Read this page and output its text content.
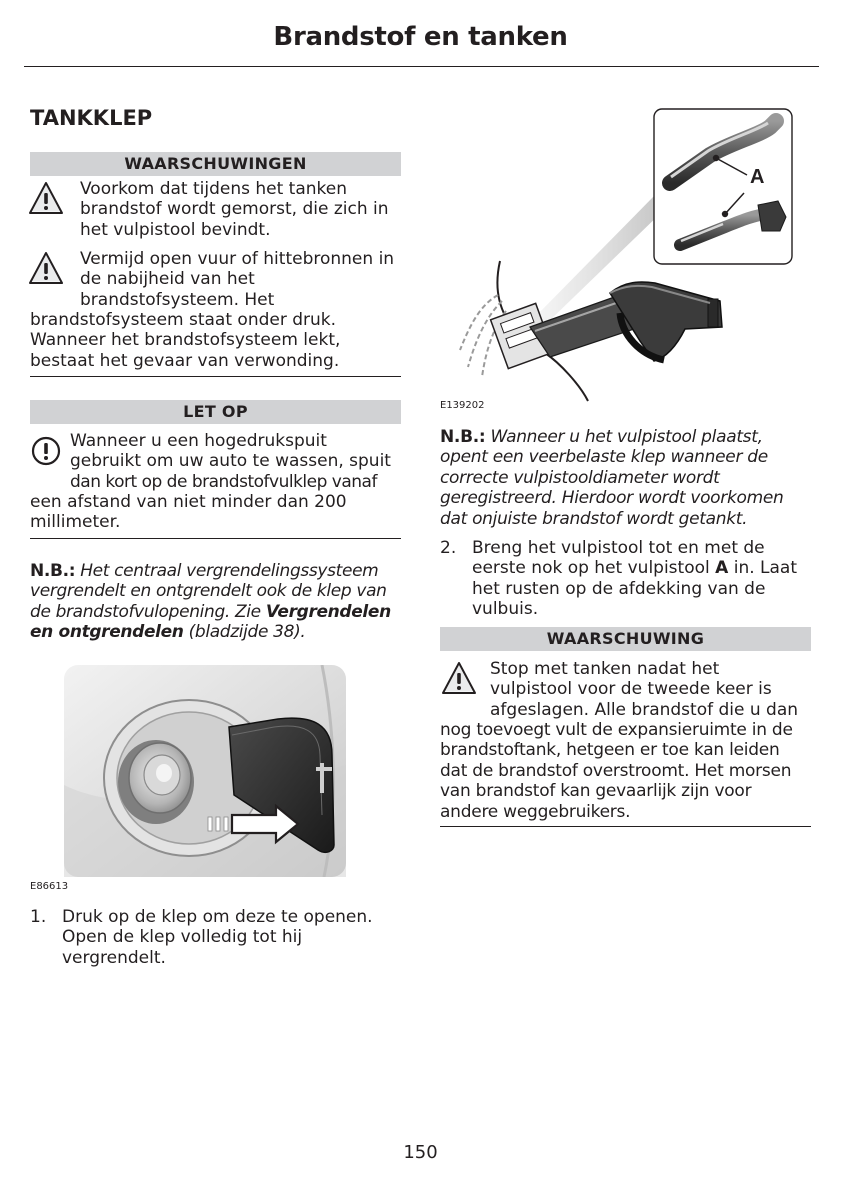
Brandstof en tanken
TANKKLEP
WAARSCHUWINGEN
Voorkom dat tijdens het tanken
brandstof wordt gemorst, die zich in
het vulpistool bevindt.
Vermijd open vuur of hittebronnen in
de nabijheid van het
brandstofsysteem. Het
brandstofsysteem staat onder druk.
Wanneer het brandstofsysteem lekt,
bestaat het gevaar van verwonding.
LET OP
Wanneer u een hogedrukspuit
gebruikt om uw auto te wassen, spuit
dan kort op de brandstofvulklep vanaf
een afstand van niet minder dan 200
millimeter.
N.B.: Het centraal vergrendelingssysteem
vergrendelt en ontgrendelt ook de klep van
de brandstofvulopening. Zie Vergrendelen
en ontgrendelen (bladzijde 38).
E86613
1. Druk op de klep om deze te openen.
Open de klep volledig tot hij
vergrendelt.
A
E139202
N.B.: Wanneer u het vulpistool plaatst,
opent een veerbelaste klep wanneer de
correcte vulpistooldiameter wordt
geregistreerd. Hierdoor wordt voorkomen
dat onjuiste brandstof wordt getankt.
2. Breng het vulpistool tot en met de
eerste nok op het vulpistool A in. Laat
het rusten op de afdekking van de
vulbuis.
WAARSCHUWING
Stop met tanken nadat het
vulpistool voor de tweede keer is
afgeslagen. Alle brandstof die u dan
nog toevoegt vult de expansieruimte in de
brandstoftank, hetgeen er toe kan leiden
dat de brandstof overstroomt. Het morsen
van brandstof kan gevaarlijk zijn voor
andere weggebruikers.
150
